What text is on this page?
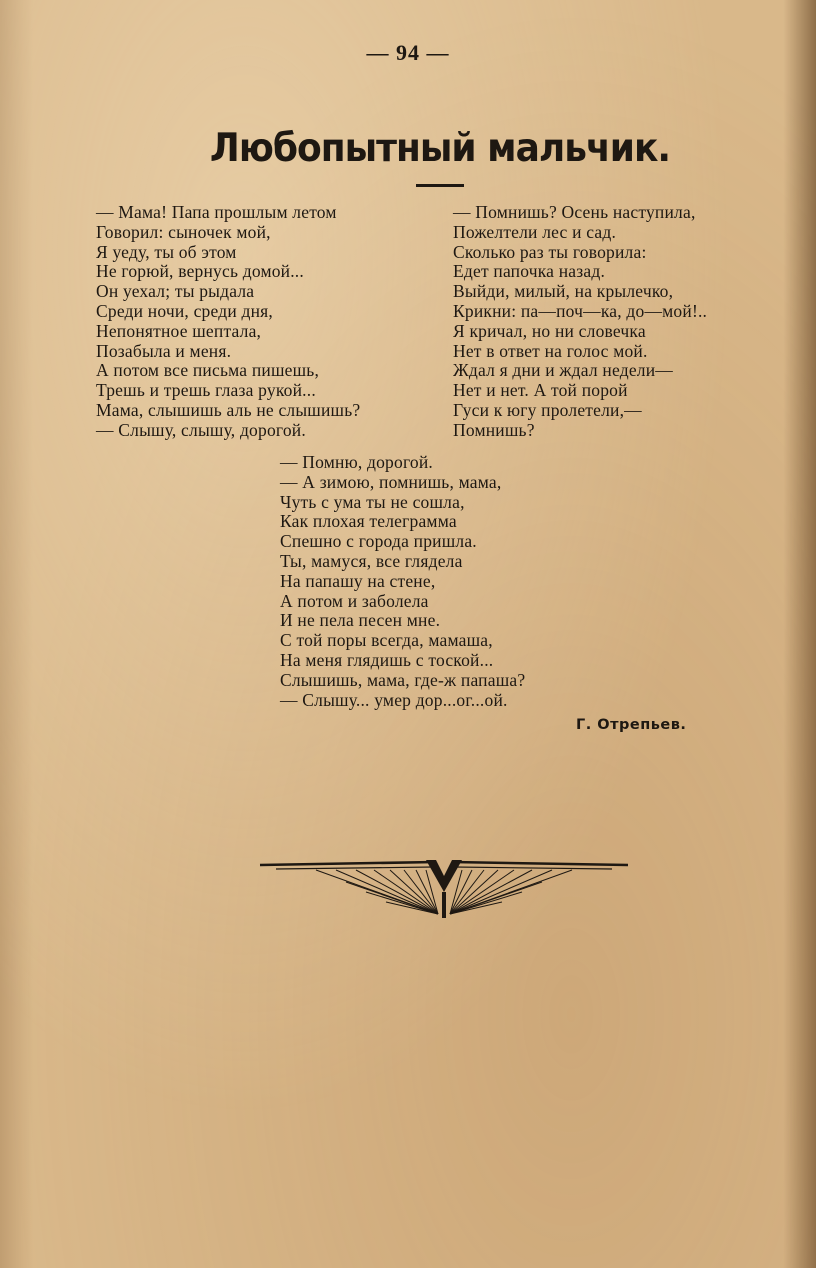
— 94 —
Любопытный мальчик.
— Мама! Папа прошлым летом
Говорил: сыночек мой,
Я уеду, ты об этом
Не горюй, вернусь домой...
Он уехал; ты рыдала
Среди ночи, среди дня,
Непонятное шептала,
Позабыла и меня.
А потом все письма пишешь,
Трешь и трешь глаза рукой...
Мама, слышишь аль не слышишь?
— Слышу, слышу, дорогой.
— Помнишь? Осень наступила,
Пожелтели лес и сад.
Сколько раз ты говорила:
Едет папочка назад.
Выйди, милый, на крылечко,
Крикни: па—поч—ка, до—мой!..
Я кричал, но ни словечка
Нет в ответ на голос мой.
Ждал я дни и ждал недели—
Нет и нет. А той порой
Гуси к югу пролетели,—
Помнишь?
— Помню, дорогой.
— А зимою, помнишь, мама,
Чуть с ума ты не сошла,
Как плохая телеграмма
Спешно с города пришла.
Ты, мамуся, все глядела
На папашу на стене,
А потом и заболела
И не пела песен мне.
С той поры всегда, мамаша,
На меня глядишь с тоской...
Слышишь, мама, где-ж папаша?
— Слышу... умер дор...ог...ой.
Г. Отрепьев.
